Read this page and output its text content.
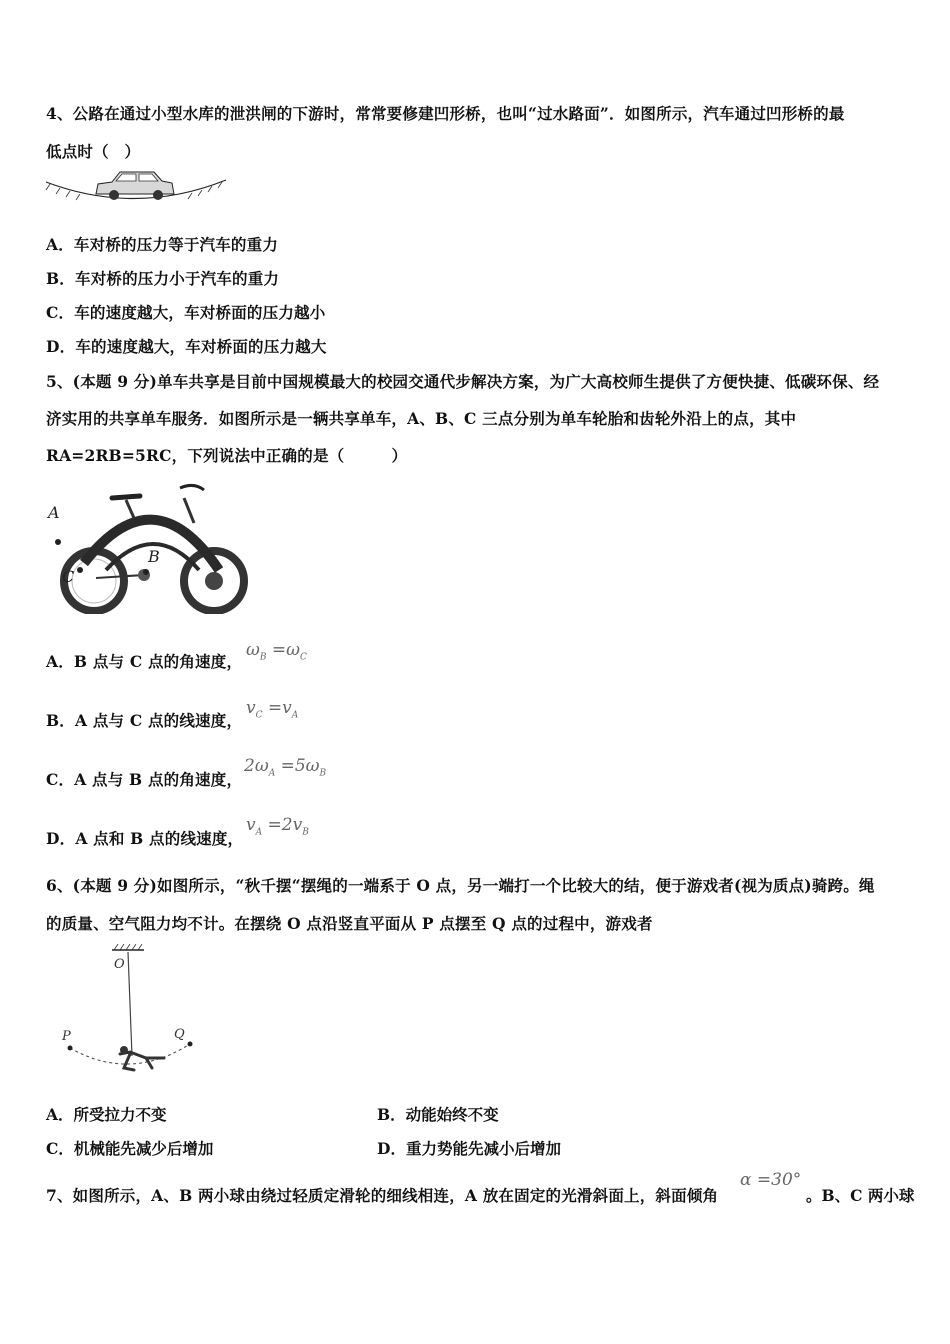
4、公路在通过小型水库的泄洪闸的下游时，常常要修建凹形桥，也叫“过水路面”．如图所示，汽车通过凹形桥的最
低点时（　）
A．车对桥的压力等于汽车的重力
B．车对桥的压力小于汽车的重力
C．车的速度越大，车对桥面的压力越小
D．车的速度越大，车对桥面的压力越大
5、(本题 9 分)单车共享是目前中国规模最大的校园交通代步解决方案，为广大高校师生提供了方便快捷、低碳环保、经
济实用的共享单车服务．如图所示是一辆共享单车，A、B、C 三点分别为单车轮胎和齿轮外沿上的点，其中
RA=2RB=5RC，下列说法中正确的是（　　　）
A
B
C
A．B 点与 C 点的角速度，
$\omega_B =\omega_C$
B．A 点与 C 点的线速度，
$v_C =v_A$
C．A 点与 B 点的角速度，
$2\omega_A =5\omega_B$
D．A 点和 B 点的线速度，
$v_A =2v_B$
6、(本题 9 分)如图所示，“秋千摆“摆绳的一端系于 O 点，另一端打一个比较大的结，便于游戏者(视为质点)骑跨。绳
的质量、空气阻力均不计。在摆绕 O 点沿竖直平面从 P 点摆至 Q 点的过程中，游戏者
O
P	Q
A．所受拉力不变	B．动能始终不变
C．机械能先减少后增加	D．重力势能先减小后增加
7、如图所示，A、B 两小球由绕过轻质定滑轮的细线相连，A 放在固定的光滑斜面上，斜面倾角
α =30°
。B、C 两小球
